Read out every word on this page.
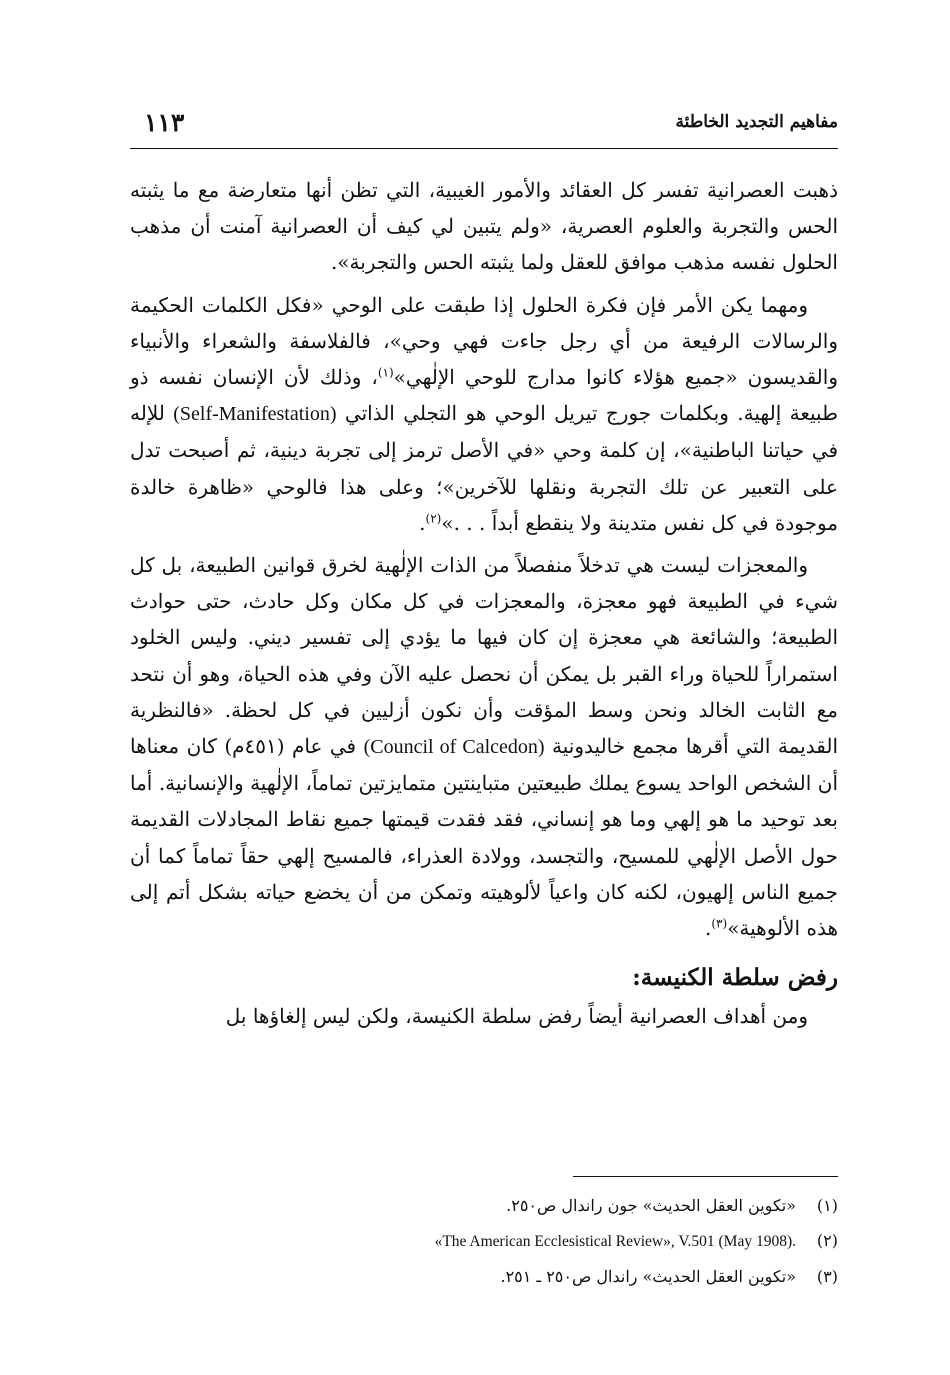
مفاهيم التجديد الخاطئة
١١٣

ذهبت العصرانية تفسر كل العقائد والأمور الغيبية، التي تظن أنها متعارضة مع ما يثبته الحس والتجربة والعلوم العصرية، «ولم يتبين لي كيف أن العصرانية آمنت أن مذهب الحلول نفسه مذهب موافق للعقل ولما يثبته الحس والتجربة».

ومهما يكن الأمر فإن فكرة الحلول إذا طبقت على الوحي «فكل الكلمات الحكيمة والرسالات الرفيعة من أي رجل جاءت فهي وحي»، فالفلاسفة والشعراء والأنبياء والقديسون «جميع هؤلاء كانوا مدارج للوحي الإلٰهي»$^{(١)}$، وذلك لأن الإنسان نفسه ذو طبيعة إلهية. وبكلمات جورج تيريل الوحي هو التجلي الذاتي (Self-Manifestation) للإله في حياتنا الباطنية»، إن كلمة وحي «في الأصل ترمز إلى تجربة دينية، ثم أصبحت تدل على التعبير عن تلك التجربة ونقلها للآخرين»؛ وعلى هذا فالوحي «ظاهرة خالدة موجودة في كل نفس متدينة ولا ينقطع أبداً . . .»$^{(٢)}$.

والمعجزات ليست هي تدخلاً منفصلاً من الذات الإلٰهية لخرق قوانين الطبيعة، بل كل شيء في الطبيعة فهو معجزة، والمعجزات في كل مكان وكل حادث، حتى حوادث الطبيعة؛ والشائعة هي معجزة إن كان فيها ما يؤدي إلى تفسير ديني. وليس الخلود استمراراً للحياة وراء القبر بل يمكن أن نحصل عليه الآن وفي هذه الحياة، وهو أن نتحد مع الثابت الخالد ونحن وسط المؤقت وأن نكون أزليين في كل لحظة. «فالنظرية القديمة التي أقرها مجمع خاليدونية (Council of Calcedon) في عام (٤٥١م) كان معناها أن الشخص الواحد يسوع يملك طبيعتين متباينتين متمايزتين تماماً، الإلٰهية والإنسانية. أما بعد توحيد ما هو إلهي وما هو إنساني، فقد فقدت قيمتها جميع نقاط المجادلات القديمة حول الأصل الإلٰهي للمسيح، والتجسد، وولادة العذراء، فالمسيح إلهي حقاً تماماً كما أن جميع الناس إلهيون، لكنه كان واعياً لألوهيته وتمكن من أن يخضع حياته بشكل أتم إلى هذه الألوهية»$^{(٣)}$.

رفض سلطة الكنيسة:

ومن أهداف العصرانية أيضاً رفض سلطة الكنيسة، ولكن ليس إلغاؤها بل

(١)«تكوين العقل الحديث» جون راندال ص٢٥٠.
(٢)«The American Ecclesistical Review», V.501 (May 1908).
(٣)«تكوين العقل الحديث» راندال ص٢٥٠ ـ ٢٥١.
